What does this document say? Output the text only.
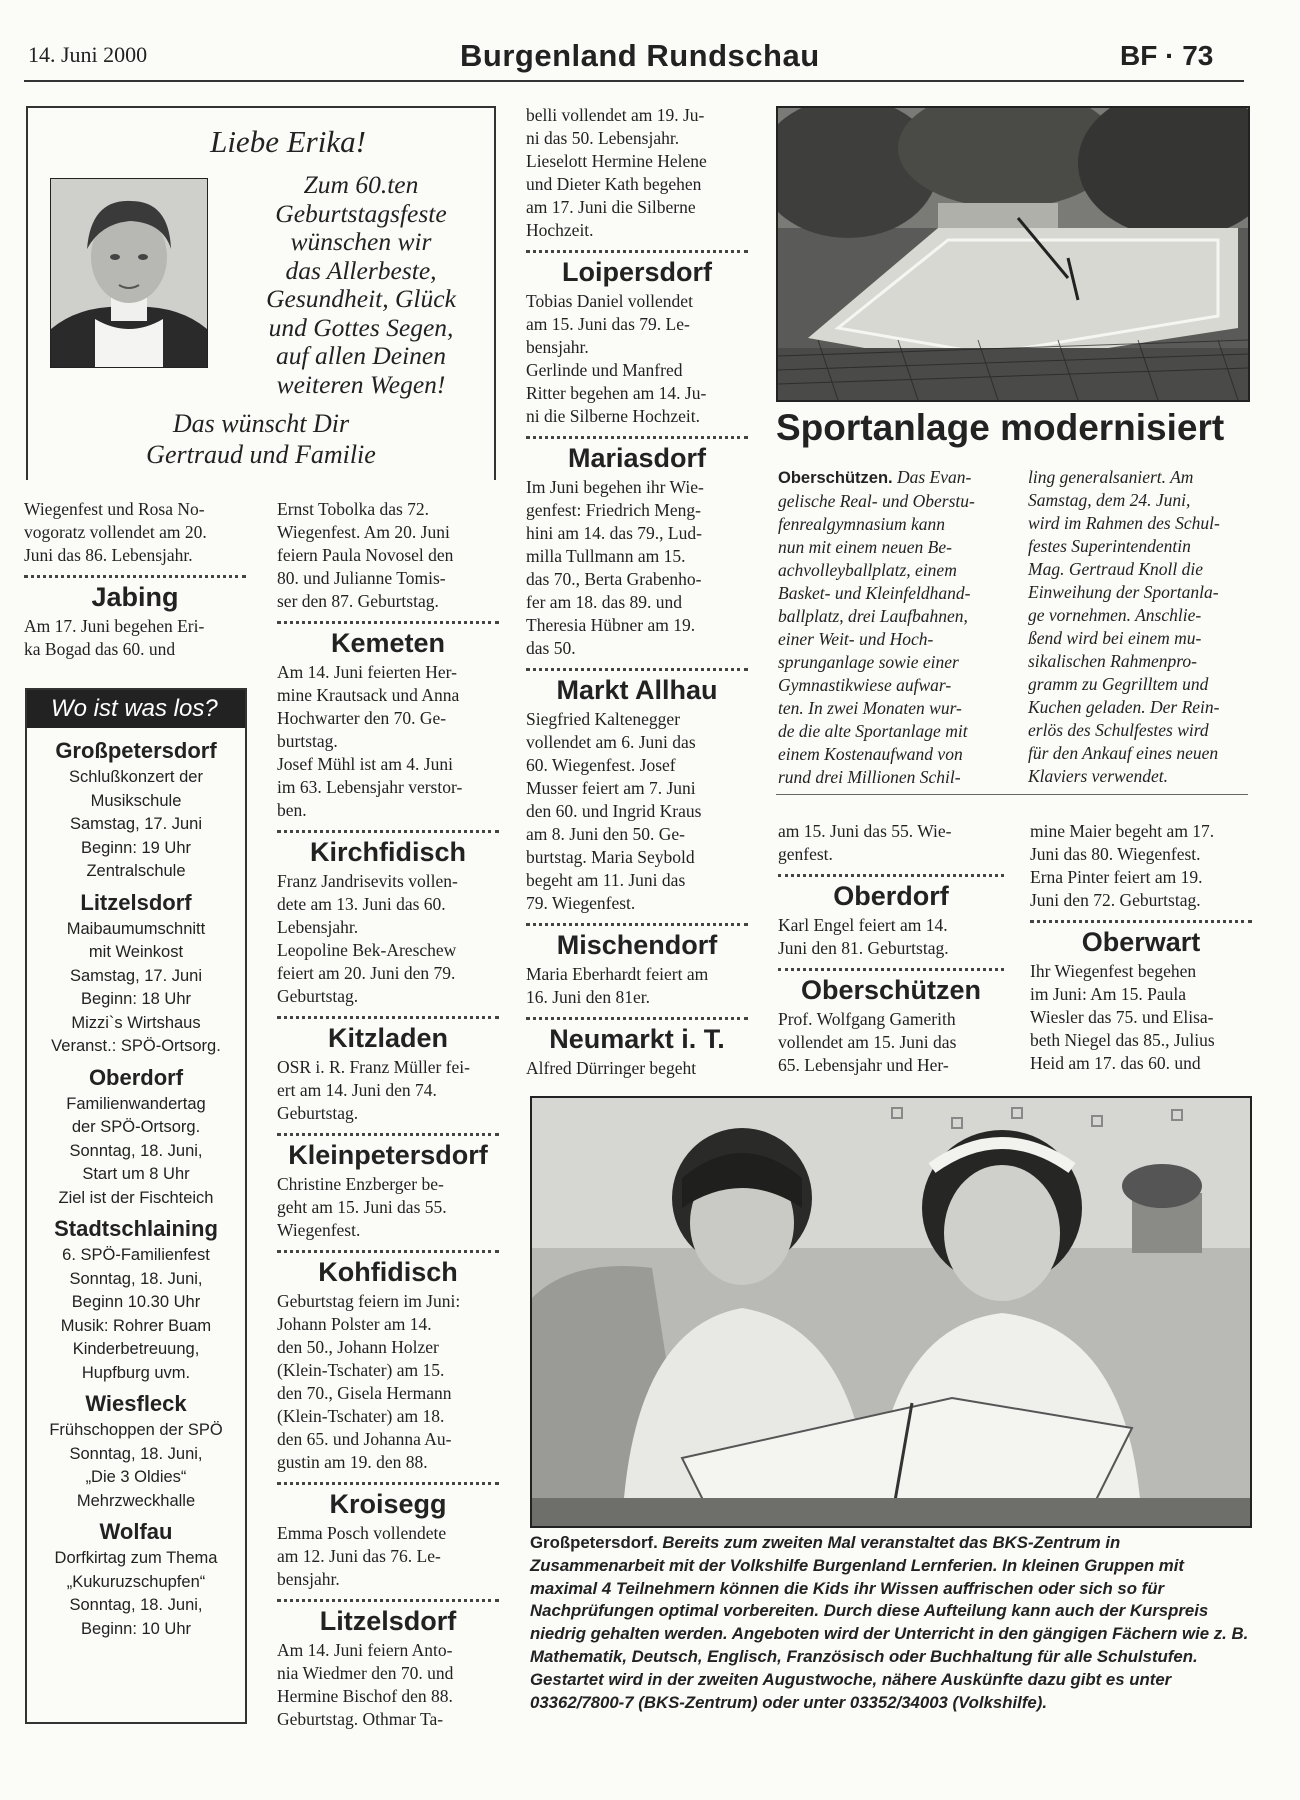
14. Juni 2000	Burgenland Rundschau	BF · 73
Liebe Erika!
Zum 60.ten
Geburtstagsfeste
wünschen wir
das Allerbeste,
Gesundheit, Glück
und Gottes Segen,
auf allen Deinen
weiteren Wegen!
Das wünscht Dir
Gertraud und Familie

Wiegenfest und Rosa No-

vogoratz vollendet am 20.

Juni das 86. Lebensjahr.

Jabing

Am 17. Juni begehen Eri-

ka Bogad das 60. und

Wo ist was los?
Großpetersdorf
Schlußkonzert der
Musikschule
Samstag, 17. Juni
Beginn: 19 Uhr
Zentralschule
Litzelsdorf
Maibaumumschnitt
mit Weinkost
Samstag, 17. Juni
Beginn: 18 Uhr
Mizzi`s Wirtshaus
Veranst.: SPÖ-Ortsorg.
Oberdorf
Familienwandertag
der SPÖ-Ortsorg.
Sonntag, 18. Juni,
Start um 8 Uhr
Ziel ist der Fischteich
Stadtschlaining
6. SPÖ-Familienfest
Sonntag, 18. Juni,
Beginn 10.30 Uhr
Musik: Rohrer Buam
Kinderbetreuung,
Hupfburg uvm.
Wiesfleck
Frühschoppen der SPÖ
Sonntag, 18. Juni,
„Die 3 Oldies“
Mehrzweckhalle
Wolfau
Dorfkirtag zum Thema
„Kukuruzschupfen“
Sonntag, 18. Juni,
Beginn: 10 Uhr

Ernst Tobolka das 72.

Wiegenfest. Am 20. Juni

feiern Paula Novosel den

80. und Julianne Tomis-

ser den 87. Geburtstag.

Kemeten

Am 14. Juni feierten Her-

mine Krautsack und Anna

Hochwarter den 70. Ge-

burtstag.

Josef Mühl ist am 4. Juni

im 63. Lebensjahr verstor-

ben.

Kirchfidisch

Franz Jandrisevits vollen-

dete am 13. Juni das 60.

Lebensjahr.

Leopoline Bek-Areschew

feiert am 20. Juni den 79.

Geburtstag.

Kitzladen

OSR i. R. Franz Müller fei-

ert am 14. Juni den 74.

Geburtstag.

Kleinpetersdorf

Christine Enzberger be-

geht am 15. Juni das 55.

Wiegenfest.

Kohfidisch

Geburtstag feiern im Juni:

Johann Polster am 14.

den 50., Johann Holzer

(Klein-Tschater) am 15.

den 70., Gisela Hermann

(Klein-Tschater) am 18.

den 65. und Johanna Au-

gustin am 19. den 88.

Kroisegg

Emma Posch vollendete

am 12. Juni das 76. Le-

bensjahr.

Litzelsdorf

Am 14. Juni feiern Anto-

nia Wiedmer den 70. und

Hermine Bischof den 88.

Geburtstag. Othmar Ta-

belli vollendet am 19. Ju-

ni das 50. Lebensjahr.

Lieselott Hermine Helene

und Dieter Kath begehen

am 17. Juni die Silberne

Hochzeit.

Loipersdorf

Tobias Daniel vollendet

am 15. Juni das 79. Le-

bensjahr.

Gerlinde und Manfred

Ritter begehen am 14. Ju-

ni die Silberne Hochzeit.

Mariasdorf

Im Juni begehen ihr Wie-

genfest: Friedrich Meng-

hini am 14. das 79., Lud-

milla Tullmann am 15.

das 70., Berta Grabenho-

fer am 18. das 89. und

Theresia Hübner am 19.

das 50.

Markt Allhau

Siegfried Kaltenegger

vollendet am 6. Juni das

60. Wiegenfest. Josef

Musser feiert am 7. Juni

den 60. und Ingrid Kraus

am 8. Juni den 50. Ge-

burtstag. Maria Seybold

begeht am 11. Juni das

79. Wiegenfest.

Mischendorf

Maria Eberhardt feiert am

16. Juni den 81er.

Neumarkt i. T.

Alfred Dürringer begeht

Sportanlage modernisiert

Oberschützen. Das Evan-

gelische Real- und Oberstu-

fenrealgymnasium kann

nun mit einem neuen Be-

achvolleyballplatz, einem

Basket- und Kleinfeldhand-

ballplatz, drei Laufbahnen,

einer Weit- und Hoch-

sprunganlage sowie einer

Gymnastikwiese aufwar-

ten. In zwei Monaten wur-

de die alte Sportanlage mit

einem Kostenaufwand von

rund drei Millionen Schil-

ling generalsaniert. Am

Samstag, dem 24. Juni,

wird im Rahmen des Schul-

festes Superintendentin

Mag. Gertraud Knoll die

Einweihung der Sportanla-

ge vornehmen. Anschlie-

ßend wird bei einem mu-

sikalischen Rahmenpro-

gramm zu Gegrilltem und

Kuchen geladen. Der Rein-

erlös des Schulfestes wird

für den Ankauf eines neuen

Klaviers verwendet.

am 15. Juni das 55. Wie-

genfest.

Oberdorf

Karl Engel feiert am 14.

Juni den 81. Geburtstag.

Oberschützen

Prof. Wolfgang Gamerith

vollendet am 15. Juni das

65. Lebensjahr und Her-

mine Maier begeht am 17.

Juni das 80. Wiegenfest.

Erna Pinter feiert am 19.

Juni den 72. Geburtstag.

Oberwart

Ihr Wiegenfest begehen

im Juni: Am 15. Paula

Wiesler das 75. und Elisa-

beth Niegel das 85., Julius

Heid am 17. das 60. und

Großpetersdorf. Bereits zum zweiten Mal veranstaltet das BKS-Zentrum in Zusammenarbeit mit der Volkshilfe Burgenland Lernferien. In kleinen Gruppen mit maximal 4 Teilnehmern können die Kids ihr Wissen auffrischen oder sich so für Nachprüfungen optimal vorbereiten. Durch diese Aufteilung kann auch der Kurspreis niedrig gehalten werden. Angeboten wird der Unterricht in den gängigen Fächern wie z. B. Mathematik, Deutsch, Englisch, Französisch oder Buchhaltung für alle Schulstufen. Gestartet wird in der zweiten Augustwoche, nähere Auskünfte dazu gibt es unter 03362/7800-7 (BKS-Zentrum) oder unter 03352/34003 (Volkshilfe).
